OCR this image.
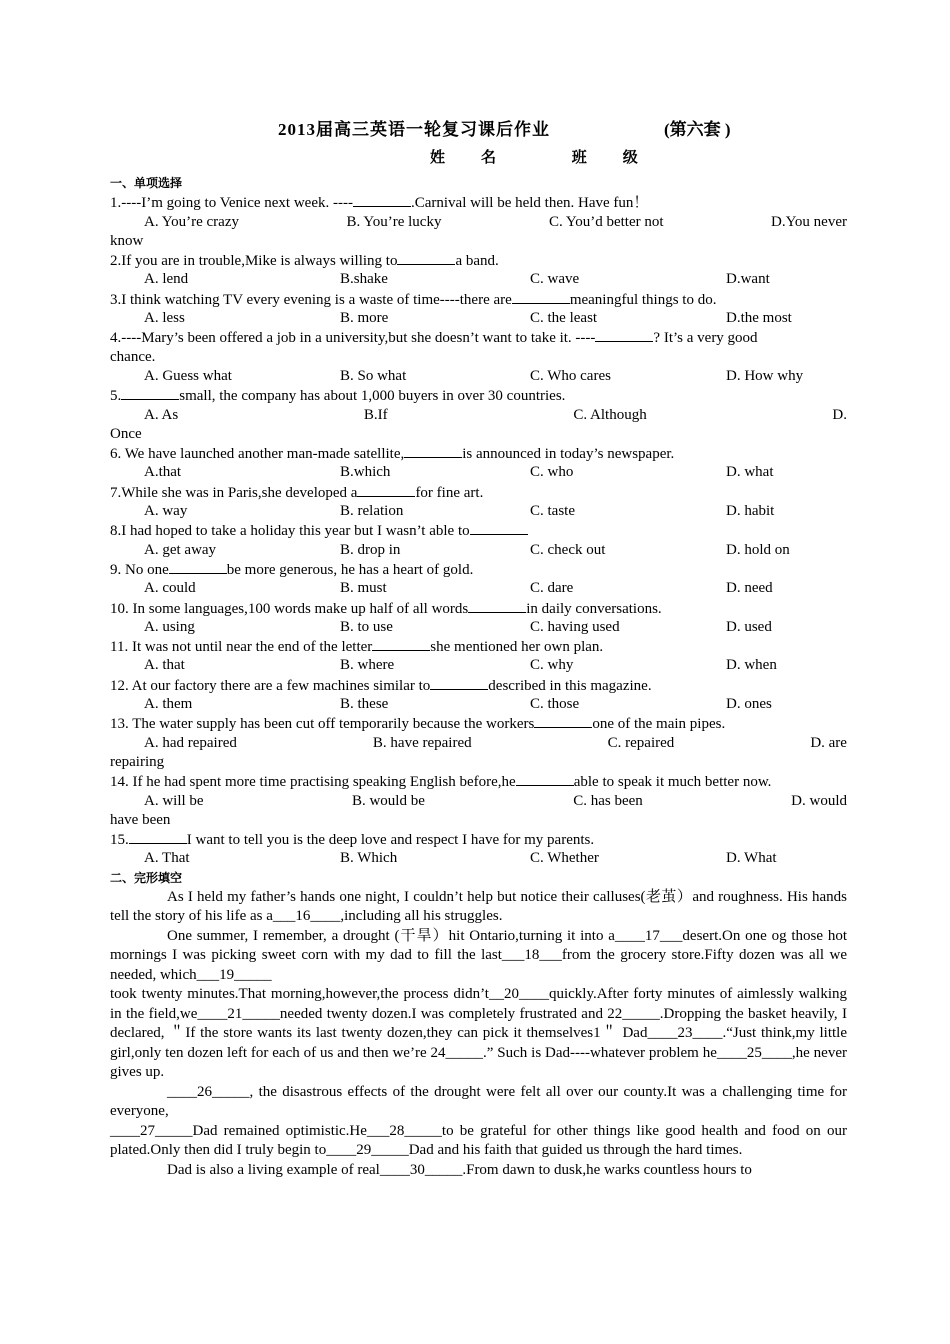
2013届高三英语一轮复习课后作业	(第六套 )
姓名 班级
一、单项选择
1.----I’m going to Venice next week. ----	.Carnival will be held then. Have fun！
A. You’re crazy	B. You’re lucky	C. You’d better not	D.You never
know
2.If you are in trouble,Mike is always willing to	a band.
A. lend	B.shake	C. wave	D.want
3.I think watching TV every evening is a waste of time----there are	meaningful things to do.
A. less	B. more	C. the least	D.the most
4.----Mary’s been offered a job in a university,but she doesn’t want to take it. ----	? It’s a very good
chance.
A. Guess what	B. So what	C. Who cares	D. How why
5.	small, the company has about 1,000 buyers in over 30 countries.
A. As	B.If	C. Although	D.
Once
6. We have launched another man-made satellite,	is announced in today’s newspaper.
A.that	B.which	C. who	D. what
7.While she was in Paris,she developed a	for fine art.
A. way	B. relation	C. taste	D. habit
8.I had hoped to take a holiday this year but I wasn’t able to
A. get away	B. drop in	C. check out	D. hold on
9. No one	be more generous, he has a heart of gold.
A. could	B. must	C. dare	D. need
10. In some languages,100 words make up half of all words	in daily conversations.
A. using	B. to use	C. having used	D. used
11. It was not until near the end of the letter	she mentioned her own plan.
A. that	B. where	C. why	D. when
12. At our factory there are a few machines similar to	described in this magazine.
A. them	B. these	C. those	D. ones
13. The water supply has been cut off temporarily because the workers	one of the main pipes.
A. had repaired	B. have repaired	C. repaired	D. are
repairing
14. If he had spent more time practising speaking English before,he	able to speak it much better now.
A. will be	B. would be	C. has been	D. would
have been
15.	I want to tell you is the deep love and respect I have for my parents.
A. That	B. Which	C. Whether	D. What
二、完形填空

As I held my father’s hands one night, I couldn’t help but notice their calluses(老茧）and roughness. His hands tell the story of his life as a___16____,including all his struggles.

One summer, I remember, a drought (干旱）hit Ontario,turning it into a____17___desert.On one og those hot mornings I was picking sweet corn with my dad to fill the last___18___from the grocery store.Fifty dozen was all we needed, which___19_____

took twenty minutes.That morning,however,the process didn’t__20____quickly.After forty minutes of aimlessly walking in the field,we____21_____needed twenty dozen.I was completely frustrated and 22_____.Dropping the basket heavily, I declared, ＂If the store wants its last twenty dozen,they can pick it themselves1＂ Dad____23____.“Just think,my little girl,only ten dozen left for each of us and then we’re 24_____.” Such is Dad----whatever problem he____25____,he never gives up.

____26_____, the disastrous effects of the drought were felt all over our county.It was a challenging time for everyone,

____27_____Dad remained optimistic.He___28_____to be grateful for other things like good health and food on our plated.Only then did I truly begin to____29_____Dad and his faith that guided us through the hard times.

Dad is also a living example of real____30_____.From dawn to dusk,he warks countless hours to
